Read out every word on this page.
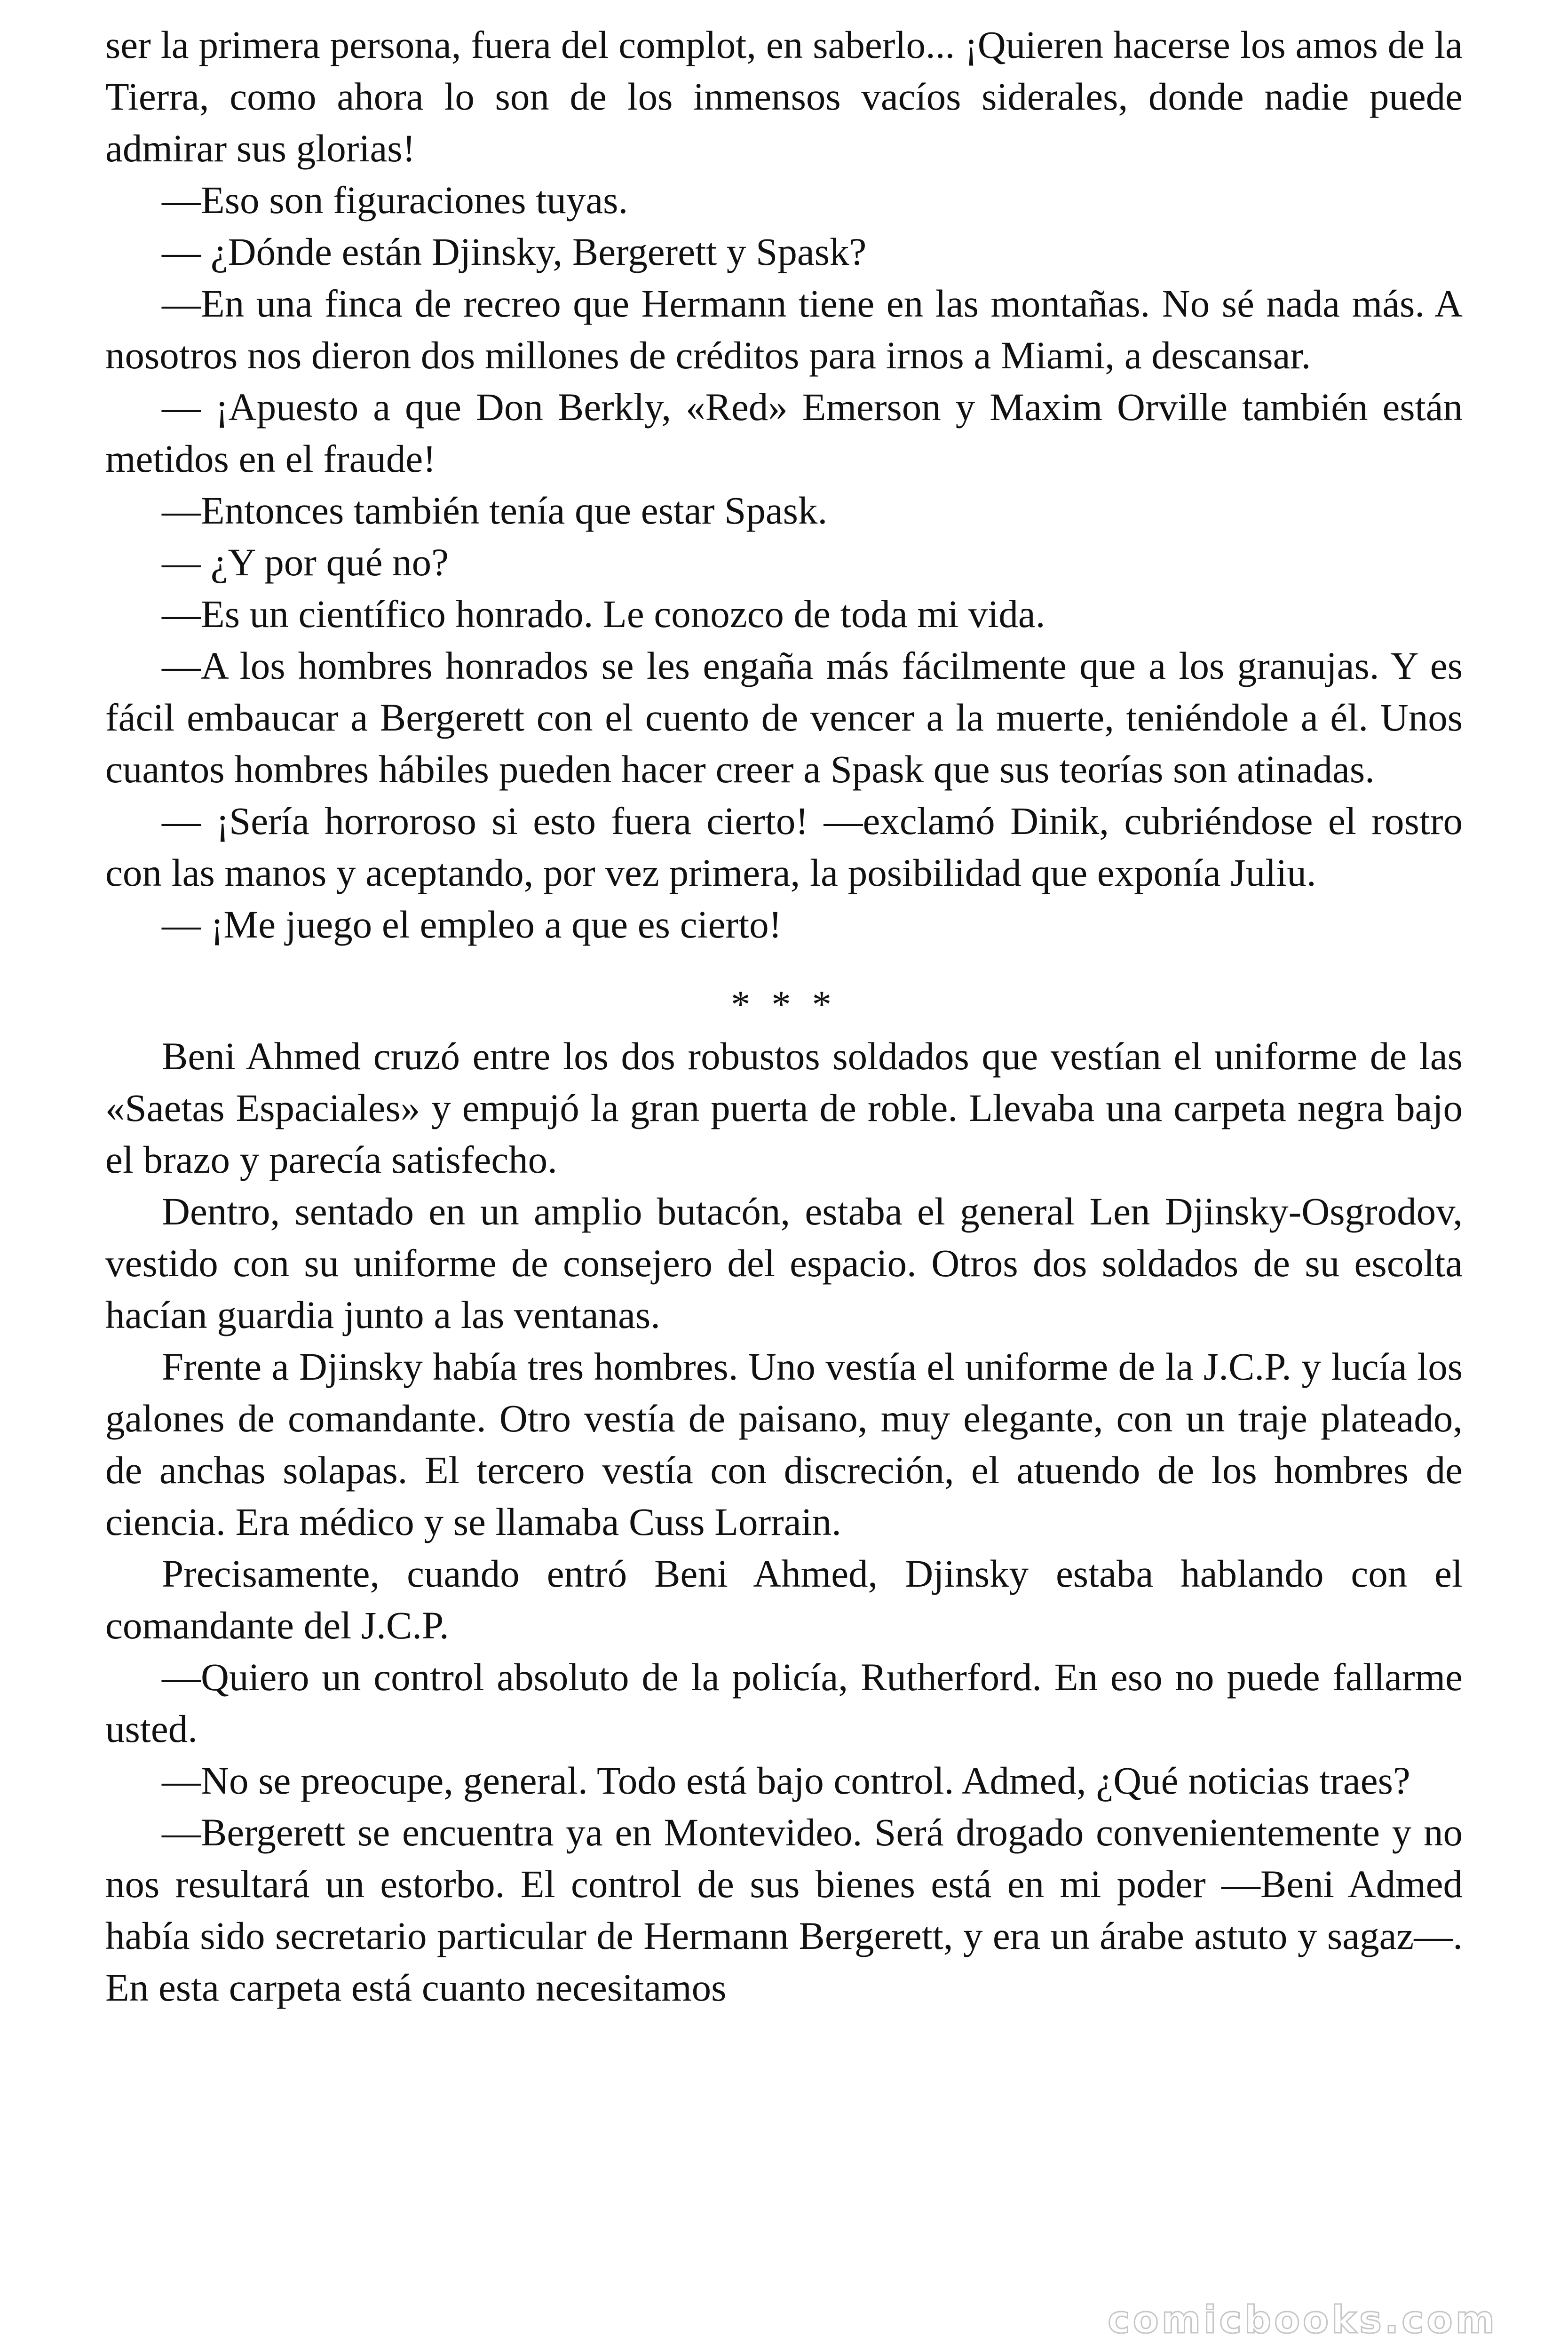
ser la primera persona, fuera del complot, en saberlo... ¡Quieren hacerse los amos de la Tierra, como ahora lo son de los inmensos vacíos siderales, donde nadie puede admirar sus glorias!

—Eso son figuraciones tuyas.

— ¿Dónde están Djinsky, Bergerett y Spask?

—En una finca de recreo que Hermann tiene en las montañas. No sé nada más. A nosotros nos dieron dos millones de créditos para irnos a Miami, a descansar.

— ¡Apuesto a que Don Berkly, «Red» Emerson y Maxim Orville también están metidos en el fraude!

—Entonces también tenía que estar Spask.

— ¿Y por qué no?

—Es un científico honrado. Le conozco de toda mi vida.

—A los hombres honrados se les engaña más fácilmente que a los granujas. Y es fácil embaucar a Bergerett con el cuento de vencer a la muerte, teniéndole a él. Unos cuantos hombres hábiles pueden hacer creer a Spask que sus teorías son atinadas.

— ¡Sería horroroso si esto fuera cierto! —exclamó Dinik, cubriéndose el rostro con las manos y aceptando, por vez primera, la posibilidad que exponía Juliu.

— ¡Me juego el empleo a que es cierto!

* * *

Beni Ahmed cruzó entre los dos robustos soldados que vestían el uniforme de las «Saetas Espaciales» y empujó la gran puerta de roble. Llevaba una carpeta negra bajo el brazo y parecía satisfecho.

Dentro, sentado en un amplio butacón, estaba el general Len Djinsky-Osgrodov, vestido con su uniforme de consejero del espacio. Otros dos soldados de su escolta hacían guardia junto a las ventanas.

Frente a Djinsky había tres hombres. Uno vestía el uniforme de la J.C.P. y lucía los galones de comandante. Otro vestía de paisano, muy elegante, con un traje plateado, de anchas solapas. El tercero vestía con discreción, el atuendo de los hombres de ciencia. Era médico y se llamaba Cuss Lorrain.

Precisamente, cuando entró Beni Ahmed, Djinsky estaba hablando con el comandante del J.C.P.

—Quiero un control absoluto de la policía, Rutherford. En eso no puede fallarme usted.

—No se preocupe, general. Todo está bajo control. Admed, ¿Qué noticias traes?

—Bergerett se encuentra ya en Montevideo. Será drogado convenientemente y no nos resultará un estorbo. El control de sus bienes está en mi poder —Beni Admed había sido secretario particular de Hermann Bergerett, y era un árabe astuto y sagaz—. En esta carpeta está cuanto necesitamos

comicbooks.com
